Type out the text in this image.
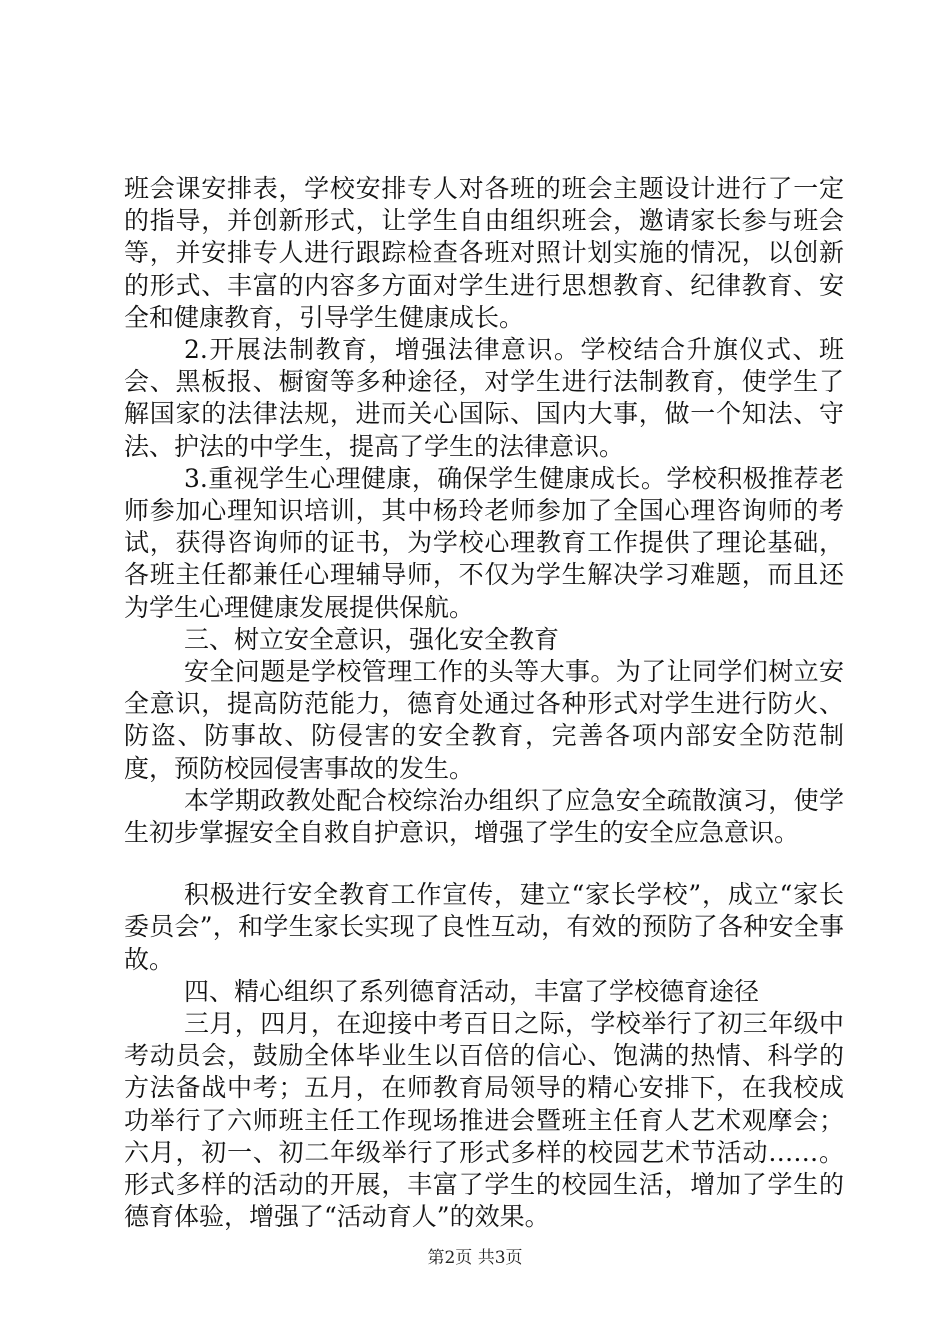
班会课安排表，学校安排专人对各班的班会主题设计进行了一定的指导，并创新形式，让学生自由组织班会，邀请家长参与班会等，并安排专人进行跟踪检查各班对照计划实施的情况，以创新的形式、丰富的内容多方面对学生进行思想教育、纪律教育、安全和健康教育，引导学生健康成长。

2.开展法制教育，增强法律意识。学校结合升旗仪式、班会、黑板报、橱窗等多种途径，对学生进行法制教育，使学生了解国家的法律法规，进而关心国际、国内大事，做一个知法、守法、护法的中学生，提高了学生的法律意识。

3.重视学生心理健康，确保学生健康成长。学校积极推荐老师参加心理知识培训，其中杨玲老师参加了全国心理咨询师的考试，获得咨询师的证书，为学校心理教育工作提供了理论基础，各班主任都兼任心理辅导师，不仅为学生解决学习难题，而且还为学生心理健康发展提供保航。

三、树立安全意识，强化安全教育

安全问题是学校管理工作的头等大事。为了让同学们树立安全意识，提高防范能力，德育处通过各种形式对学生进行防火、防盗、防事故、防侵害的安全教育，完善各项内部安全防范制度，预防校园侵害事故的发生。

本学期政教处配合校综治办组织了应急安全疏散演习，使学生初步掌握安全自救自护意识，增强了学生的安全应急意识。

积极进行安全教育工作宣传，建立“家长学校”，成立“家长委员会”，和学生家长实现了良性互动，有效的预防了各种安全事故。

四、精心组织了系列德育活动，丰富了学校德育途径

三月，四月，在迎接中考百日之际，学校举行了初三年级中考动员会，鼓励全体毕业生以百倍的信心、饱满的热情、科学的方法备战中考；五月，在师教育局领导的精心安排下，在我校成功举行了六师班主任工作现场推进会暨班主任育人艺术观摩会；六月，初一、初二年级举行了形式多样的校园艺术节活动……。形式多样的活动的开展，丰富了学生的校园生活，增加了学生的德育体验，增强了“活动育人”的效果。

第2页 共3页
